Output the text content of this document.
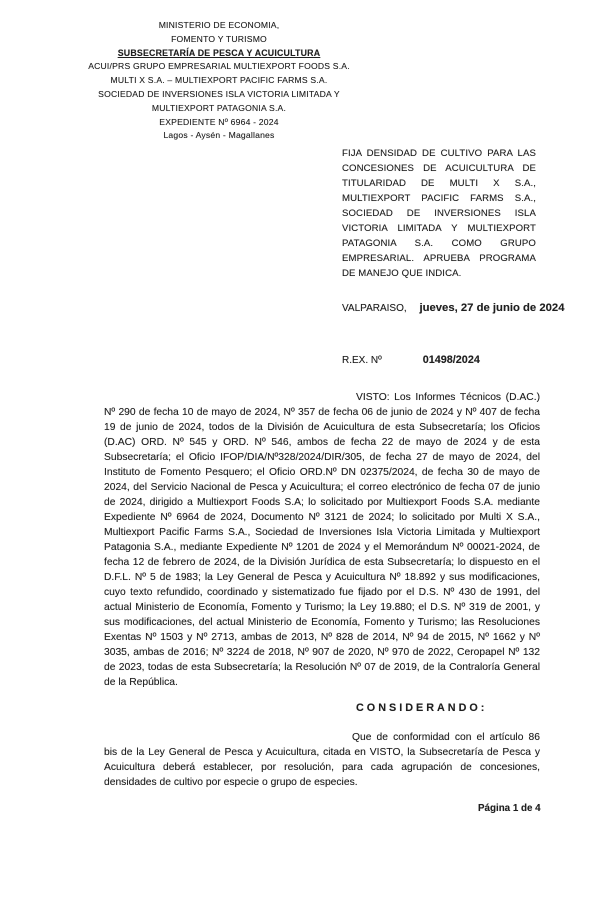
MINISTERIO DE ECONOMIA,

FOMENTO Y TURISMO

SUBSECRETARÍA DE PESCA Y ACUICULTURA

ACUI/PRS GRUPO EMPRESARIAL MULTIEXPORT FOODS S.A.

MULTI X S.A. – MULTIEXPORT PACIFIC FARMS S.A.

SOCIEDAD DE INVERSIONES ISLA VICTORIA LIMITADA Y

MULTIEXPORT PATAGONIA S.A.

EXPEDIENTE Nº 6964 - 2024

Lagos - Aysén - Magallanes

FIJA DENSIDAD DE CULTIVO PARA LAS CONCESIONES DE ACUICULTURA DE TITULARIDAD DE MULTI X S.A., MULTIEXPORT PACIFIC FARMS S.A., SOCIEDAD DE INVERSIONES ISLA VICTORIA LIMITADA Y MULTIEXPORT PATAGONIA S.A. COMO GRUPO EMPRESARIAL. APRUEBA PROGRAMA DE MANEJO QUE INDICA.
VALPARAISO, jueves, 27 de junio de 2024
R.EX. Nº	01498/2024

VISTO: Los Informes Técnicos (D.AC.) Nº 290 de fecha 10 de mayo de 2024, Nº 357 de fecha 06 de junio de 2024 y Nº 407 de fecha 19 de junio de 2024, todos de la División de Acuicultura de esta Subsecretaría; los Oficios (D.AC) ORD. Nº 545 y ORD. Nº 546, ambos de fecha 22 de mayo de 2024 y de esta Subsecretaría; el Oficio IFOP/DIA/Nº328/2024/DIR/305, de fecha 27 de mayo de 2024, del Instituto de Fomento Pesquero; el Oficio ORD.Nº DN 02375/2024, de fecha 30 de mayo de 2024, del Servicio Nacional de Pesca y Acuicultura; el correo electrónico de fecha 07 de junio de 2024, dirigido a Multiexport Foods S.A; lo solicitado por Multiexport Foods S.A. mediante Expediente Nº 6964 de 2024, Documento Nº 3121 de 2024; lo solicitado por Multi X S.A., Multiexport Pacific Farms S.A., Sociedad de Inversiones Isla Victoria Limitada y Multiexport Patagonia S.A., mediante Expediente Nº 1201 de 2024 y el Memorándum Nº 00021-2024, de fecha 12 de febrero de 2024, de la División Jurídica de esta Subsecretaría; lo dispuesto en el D.F.L. Nº 5 de 1983; la Ley General de Pesca y Acuicultura Nº 18.892 y sus modificaciones, cuyo texto refundido, coordinado y sistematizado fue fijado por el D.S. Nº 430 de 1991, del actual Ministerio de Economía, Fomento y Turismo; la Ley 19.880; el D.S. Nº 319 de 2001, y sus modificaciones, del actual Ministerio de Economía, Fomento y Turismo; las Resoluciones Exentas Nº 1503 y Nº 2713, ambas de 2013, Nº 828 de 2014, Nº 94 de 2015, Nº 1662 y Nº 3035, ambas de 2016; Nº 3224 de 2018, Nº 907 de 2020, Nº 970 de 2022, Ceropapel Nº 132 de 2023, todas de esta Subsecretaría; la Resolución Nº 07 de 2019, de la Contraloría General de la República.

CONSIDERANDO:

Que de conformidad con el artículo 86 bis de la Ley General de Pesca y Acuicultura, citada en VISTO, la Subsecretaría de Pesca y Acuicultura deberá establecer, por resolución, para cada agrupación de concesiones, densidades de cultivo por especie o grupo de especies.

Página 1 de 4
